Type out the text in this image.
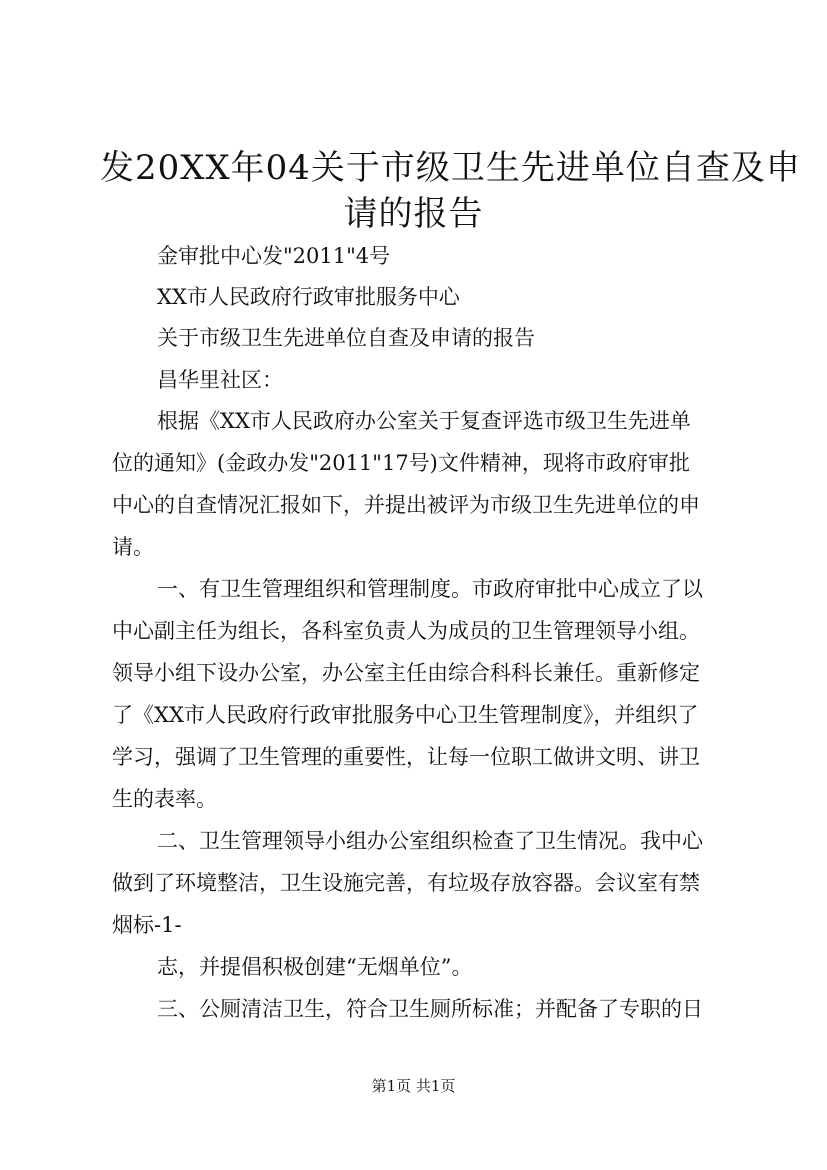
发20XX年04关于市级卫生先进单位自查及申
请的报告
金审批中心发"2011"4号
XX市人民政府行政审批服务中心
关于市级卫生先进单位自查及申请的报告
昌华里社区：
根据《XX市人民政府办公室关于复查评选市级卫生先进单
位的通知》(金政办发"2011"17号)文件精神，现将市政府审批
中心的自查情况汇报如下，并提出被评为市级卫生先进单位的申
请。
一、有卫生管理组织和管理制度。市政府审批中心成立了以
中心副主任为组长，各科室负责人为成员的卫生管理领导小组。
领导小组下设办公室，办公室主任由综合科科长兼任。重新修定
了《XX市人民政府行政审批服务中心卫生管理制度》，并组织了
学习，强调了卫生管理的重要性，让每一位职工做讲文明、讲卫
生的表率。
二、卫生管理领导小组办公室组织检查了卫生情况。我中心
做到了环境整洁，卫生设施完善，有垃圾存放容器。会议室有禁
烟标-1-
志，并提倡积极创建“无烟单位”。
三、公厕清洁卫生，符合卫生厕所标准；并配备了专职的日
第1页 共1页
